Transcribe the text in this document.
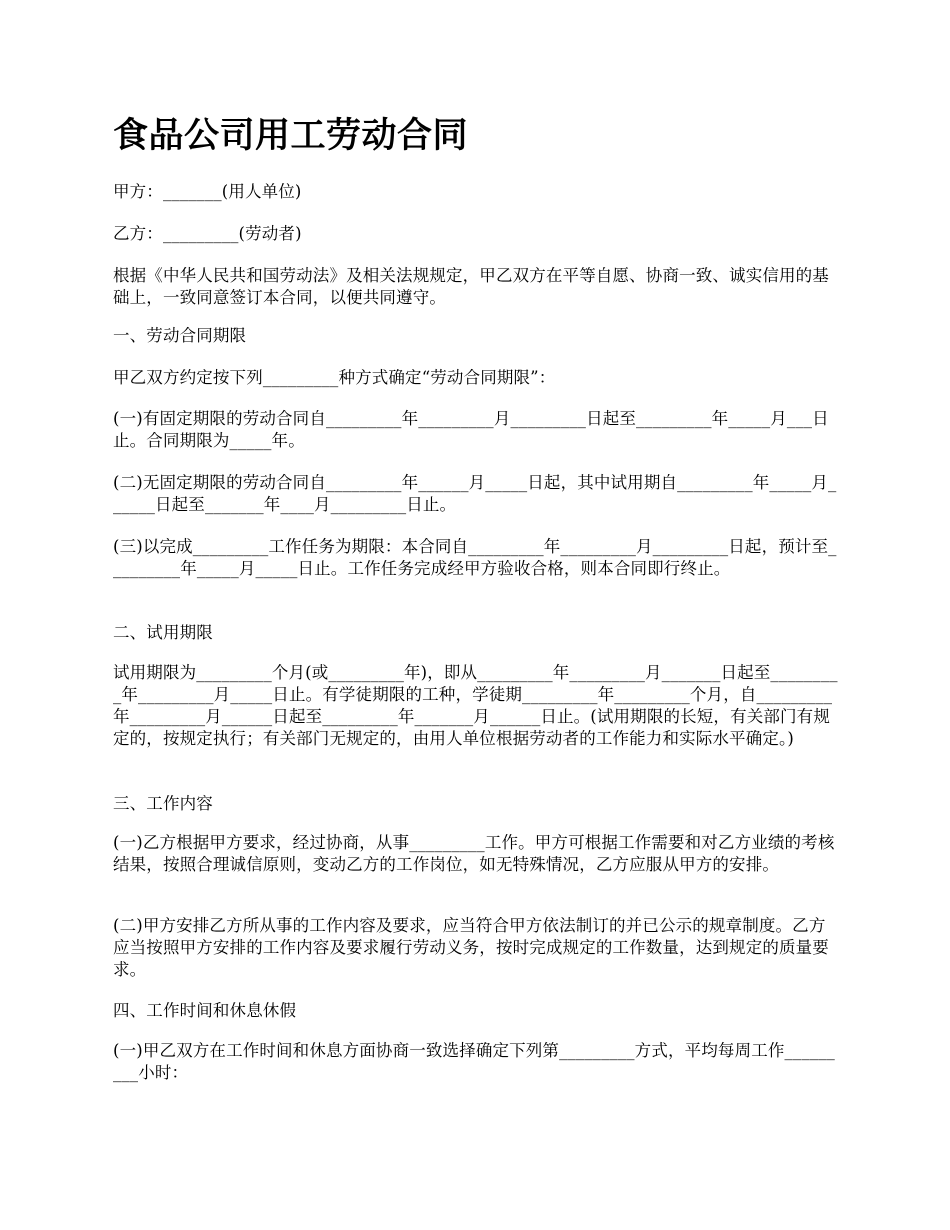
食品公司用工劳动合同

甲方：_______(用人单位)

乙方：_________(劳动者)

根据《中华人民共和国劳动法》及相关法规规定，甲乙双方在平等自愿、协商一致、诚实信用的基础上，一致同意签订本合同，以便共同遵守。

一、劳动合同期限

甲乙双方约定按下列_________种方式确定“劳动合同期限”：

(一)有固定期限的劳动合同自_________年_________月_________日起至_________年_____月___日止。合同期限为_____年。

(二)无固定期限的劳动合同自_________年______月_____日起，其中试用期自_________年_____月______日起至_______年____月_________日止。

(三)以完成_________工作任务为期限：本合同自_________年_________月_________日起，预计至_________年_____月_____日止。工作任务完成经甲方验收合格，则本合同即行终止。

二、试用期限

试用期限为_________个月(或_________年)，即从_________年_________月_______日起至_________年_________月_____日止。有学徒期限的工种，学徒期_________年_________个月，自_________年_________月______日起至_________年_______月______日止。(试用期限的长短，有关部门有规定的，按规定执行；有关部门无规定的，由用人单位根据劳动者的工作能力和实际水平确定。)

三、工作内容

(一)乙方根据甲方要求，经过协商，从事_________工作。甲方可根据工作需要和对乙方业绩的考核结果，按照合理诚信原则，变动乙方的工作岗位，如无特殊情况，乙方应服从甲方的安排。

(二)甲方安排乙方所从事的工作内容及要求，应当符合甲方依法制订的并已公示的规章制度。乙方应当按照甲方安排的工作内容及要求履行劳动义务，按时完成规定的工作数量，达到规定的质量要求。

四、工作时间和休息休假

(一)甲乙双方在工作时间和休息方面协商一致选择确定下列第_________方式，平均每周工作_________小时：
